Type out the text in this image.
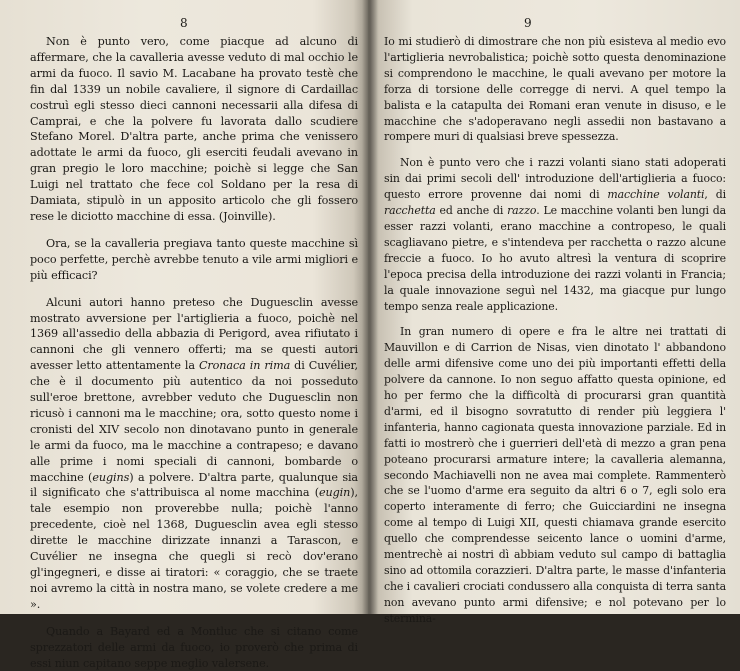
8

Non è punto vero, come piacque ad alcuno di affermare, che la cavalleria avesse veduto di mal occhio le armi da fuoco. Il savio M. Lacabane ha provato testè che fin dal 1339 un nobile cavaliere, il signore di Cardaillac costruì egli stesso dieci cannoni necessarii alla difesa di Camprai, e che la polvere fu lavorata dallo scudiere Stefano Morel. D'altra parte, anche prima che venissero adottate le armi da fuoco, gli eserciti feudali avevano in gran pregio le loro macchine; poichè si legge che San Luigi nel trattato che fece col Soldano per la resa di Damiata, stipulò in un apposito articolo che gli fossero rese le diciotto macchine di essa. (Joinville).

Ora, se la cavalleria pregiava tanto queste macchine sì poco perfette, perchè avrebbe tenuto a vile armi migliori e più efficaci?

Alcuni autori hanno preteso che Duguesclin avesse mostrato avversione per l'artiglieria a fuoco, poichè nel 1369 all'assedio della abbazia di Perigord, avea rifiutato i cannoni che gli vennero offerti; ma se questi autori avesser letto attentamente la Cronaca in rima di Cuvélier, che è il documento più autentico da noi posseduto sull'eroe brettone, avrebber veduto che Duguesclin non ricusò i cannoni ma le macchine; ora, sotto questo nome i cronisti del XIV secolo non dinotavano punto in generale le armi da fuoco, ma le macchine a contrapeso; e davano alle prime i nomi speciali di cannoni, bombarde o macchine (eugins) a polvere. D'altra parte, qualunque sia il significato che s'attribuisca al nome macchina (eugin), tale esempio non proverebbe nulla; poichè l'anno precedente, cioè nel 1368, Duguesclin avea egli stesso dirette le macchine dirizzate innanzi a Tarascon, e Cuvélier ne insegna che quegli si recò dov'erano gl'ingegneri, e disse ai tiratori: « coraggio, che se traete noi avremo la città in nostra mano, se volete credere a me ».

Quando a Bayard ed a Montluc che si citano come sprezzatori delle armi da fuoco, io proverò che prima di essi niun capitano seppe meglio valersene.

9

Io mi studierò di dimostrare che non più esisteva al medio evo l'artiglieria nevrobalistica; poichè sotto questa denominazione si comprendono le macchine, le quali avevano per motore la forza di torsione delle corregge di nervi. A quel tempo la balista e la catapulta dei Romani eran venute in disuso, e le macchine che s'adoperavano negli assedii non bastavano a rompere muri di qualsiasi breve spessezza.

Non è punto vero che i razzi volanti siano stati adoperati sin dai primi secoli dell' introduzione dell'artiglieria a fuoco: questo errore provenne dai nomi di macchine volanti, di racchetta ed anche di razzo. Le macchine volanti ben lungi da esser razzi volanti, erano macchine a contropeso, le quali scagliavano pietre, e s'intendeva per racchetta o razzo alcune freccie a fuoco. Io ho avuto altresì la ventura di scoprire l'epoca precisa della introduzione dei razzi volanti in Francia; la quale innovazione seguì nel 1432, ma giacque pur lungo tempo senza reale applicazione.

In gran numero di opere e fra le altre nei trattati di Mauvillon e di Carrion de Nisas, vien dinotato l' abbandono delle armi difensive come uno dei più importanti effetti della polvere da cannone. Io non seguo affatto questa opinione, ed ho per fermo che la difficoltà di procurarsi gran quantità d'armi, ed il bisogno sovratutto di render più leggiera l' infanteria, hanno cagionata questa innovazione parziale. Ed in fatti io mostrerò che i guerrieri dell'età di mezzo a gran pena poteano procurarsi armature intere; la cavalleria alemanna, secondo Machiavelli non ne avea mai complete. Rammenterò che se l'uomo d'arme era seguito da altri 6 o 7, egli solo era coperto interamente di ferro; che Guicciardini ne insegna come al tempo di Luigi XII, questi chiamava grande esercito quello che comprendesse seicento lance o uomini d'arme, mentrechè ai nostri dì abbiam veduto sul campo di battaglia sino ad ottomila corazzieri. D'altra parte, le masse d'infanteria che i cavalieri crociati condussero alla conquista di terra santa non avevano punto armi difensive; e nol potevano per lo stermina-
